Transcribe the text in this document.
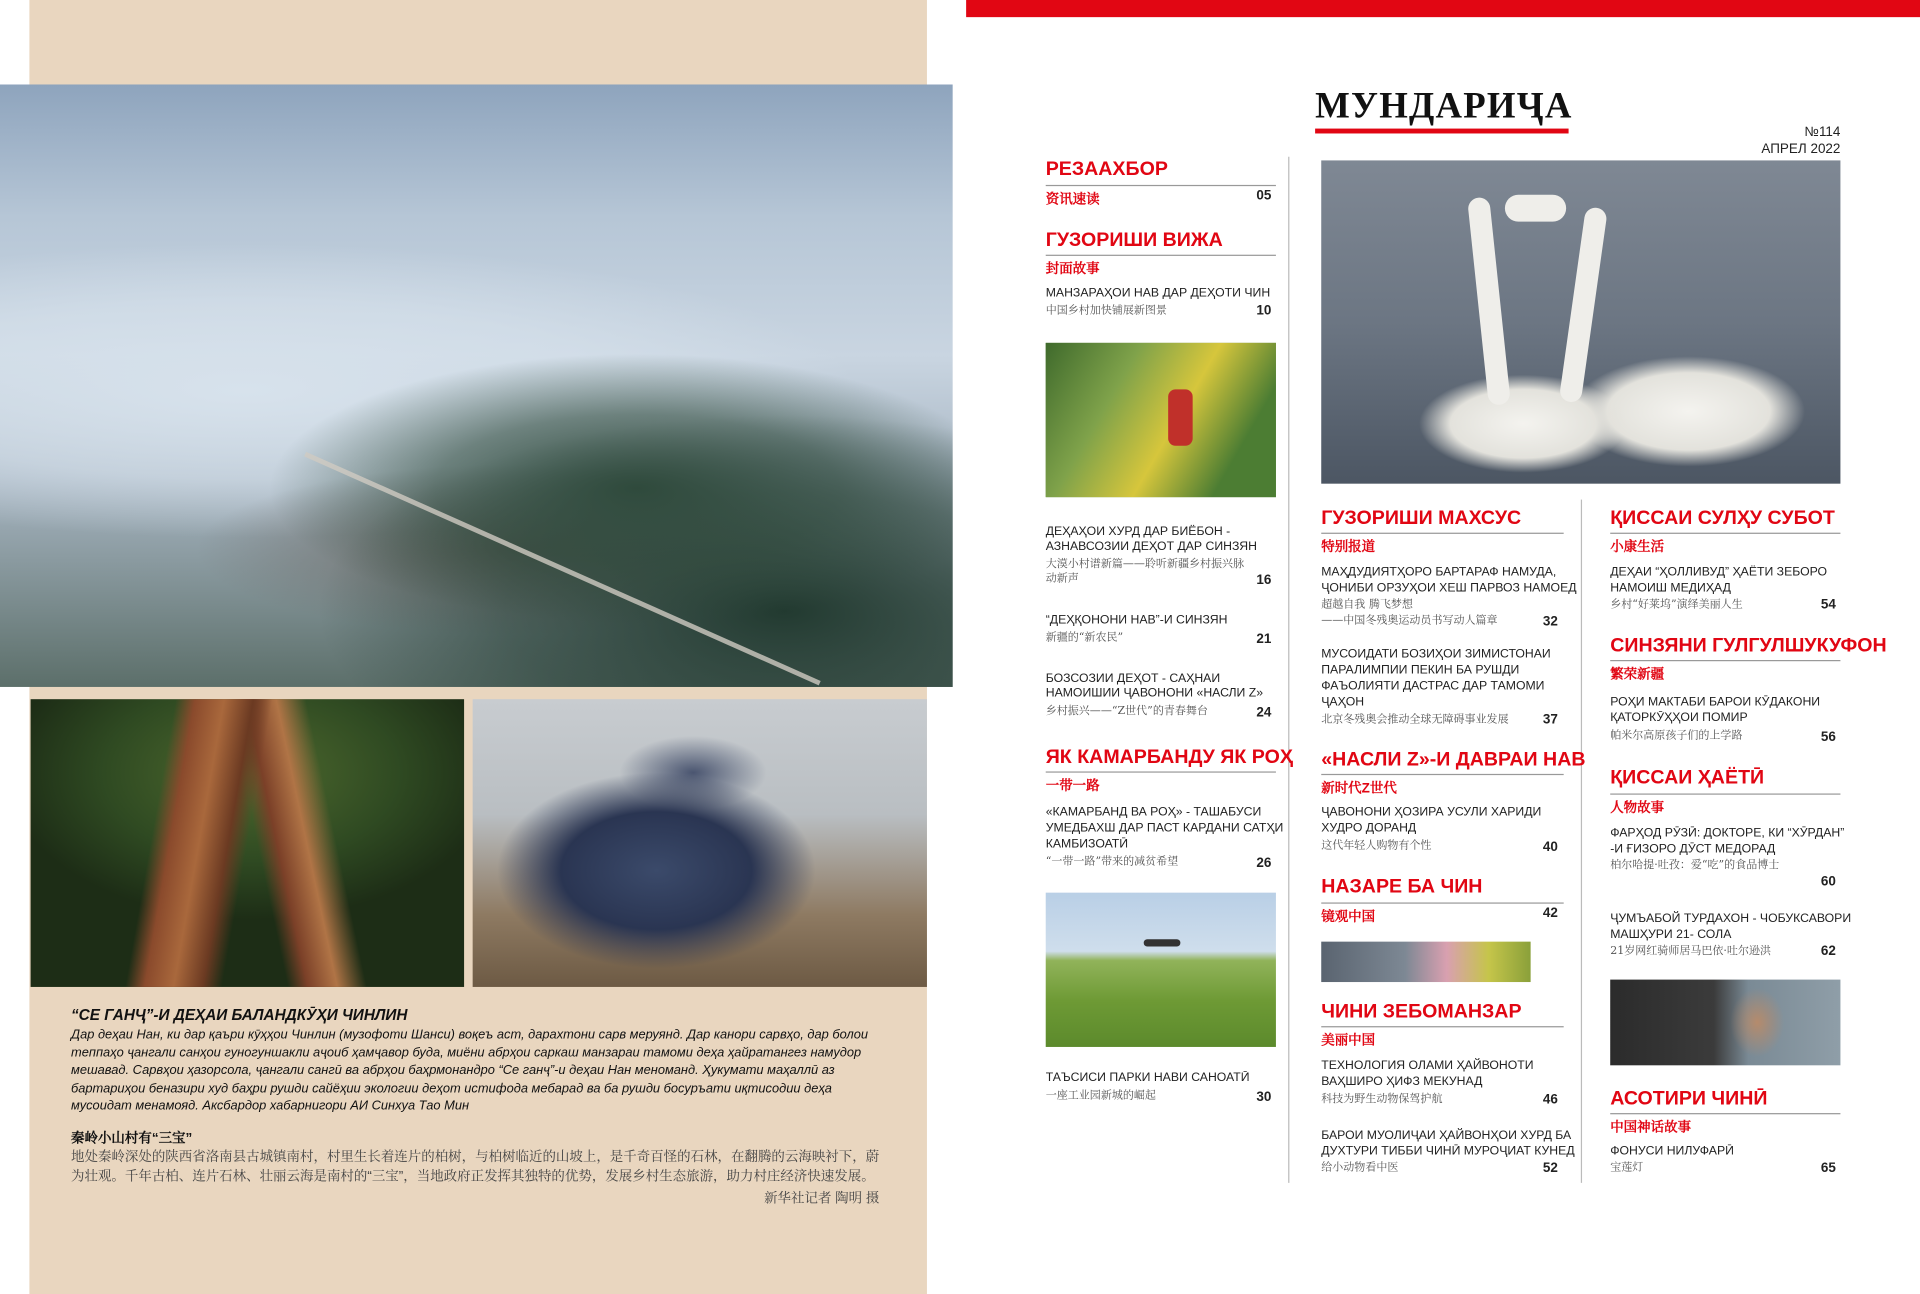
“СЕ ГАНҶ”-И ДЕҲАИ БАЛАНДКӮҲИ ЧИНЛИН
Дар деҳаи Нан, ки дар қаъри кӯҳҳои Чинлин (музофоти Шанси) воқеъ аст, дарахтони сарв меруянд. Дар канори сарвҳо, дар болои теппаҳо ҷангали санҳои гуногуншакли аҷоиб ҳамҷавор буда, миёни абрҳои саркаш манзараи тамоми деҳа ҳайратангез намудор мешавад. Сарвҳои ҳазорсола, ҷангали сангӣ ва абрҳои баҳрмонандро “Се ганҷ”-и деҳаи Нан меноманд. Ҳукумати маҳаллӣ аз бартариҳои беназири худ баҳри рушди сайёҳии экологии деҳот истифода мебарад ва ба рушди босуръати иқтисодии деҳа мусоидат менамояд. Аксбардор хабарнигори АИ Синхуа Тао Мин
秦岭小山村有“三宝”
地处秦岭深处的陕西省洛南县古城镇南村，村里生长着连片的柏树，与柏树临近的山坡上，是千奇百怪的石林，在翻腾的云海映衬下，蔚为壮观。千年古柏、连片石林、壮丽云海是南村的“三宝”，当地政府正发挥其独特的优势，发展乡村生态旅游，助力村庄经济快速发展。
新华社记者 陶明 摄
МУНДАРИҶА
№114
АПРЕЛ 2022
РЕЗААХБОР
资讯速读	05
ГУЗОРИШИ ВИЖА
封面故事
МАНЗАРАҲОИ НАВ ДАР ДЕҲОТИ ЧИН
中国乡村加快铺展新图景	10
ДЕҲАҲОИ ХУРД ДАР БИЁБОН -
АЗНАВСОЗИИ ДЕҲОТ ДАР СИНЗЯН
大漠小村谱新篇——聆听新疆乡村振兴脉
动新声	16
“ДЕҲҚОНОНИ НАВ”-И СИНЗЯН
新疆的“新农民”	21
БОЗСОЗИИ ДЕҲОТ - САҲНАИ
НАМОИШИИ ҶАВОНОНИ «НАСЛИ Z»
乡村振兴——“Z世代”的青春舞台	24
ЯК КАМАРБАНДУ ЯК РОҲ
一带一路
«КАМАРБАНД ВА РОҲ» - ТАШАБУСИ
УМЕДБАХШ ДАР ПАСТ КАРДАНИ САТҲИ
КАМБИЗОАТӢ
“一带一路”带来的减贫希望	26
ТАЪСИСИ ПАРКИ НАВИ САНОАТӢ
一座工业园新城的崛起	30
ГУЗОРИШИ МАХСУС
特别报道
МАҲДУДИЯТҲОРО БАРТАРАФ НАМУДА,
ҶОНИБИ ОРЗУҲОИ ХЕШ ПАРВОЗ НАМОЕД
超越自我 腾飞梦想
——中国冬残奥运动员书写动人篇章	32
МУСОИДАТИ БОЗИҲОИ ЗИМИСТОНАИ
ПАРАЛИМПИИ ПЕКИН БА РУШДИ
ФАЪОЛИЯТИ ДАСТРАС ДАР ТАМОМИ
ҶАҲОН
北京冬残奥会推动全球无障碍事业发展	37
«НАСЛИ Z»-И ДАВРАИ НАВ
新时代Z世代
ҶАВОНОНИ ҲОЗИРА УСУЛИ ХАРИДИ
ХУДРО ДОРАНД
这代年轻人购物有个性	40
НАЗАРЕ БА ЧИН
镜观中国	42
ЧИНИ ЗЕБОМАНЗАР
美丽中国
ТЕХНОЛОГИЯ ОЛАМИ ҲАЙВОНОТИ
ВАҲШИРО ҲИФЗ МЕКУНАД
科技为野生动物保驾护航	46
БАРОИ МУОЛИҶАИ ҲАЙВОНҲОИ ХУРД БА
ДУХТУРИ ТИББИ ЧИНӢ МУРОҶИАТ КУНЕД
给小动物看中医	52
ҚИССАИ СУЛҲУ СУБОТ
小康生活
ДЕҲАИ “ҲОЛЛИВУД” ҲАЁТИ ЗЕБОРО
НАМОИШ МЕДИҲАД
乡村“好莱坞”演绎美丽人生	54
СИНЗЯНИ ГУЛГУЛШУКУФОН
繁荣新疆
РОҲИ МАКТАБИ БАРОИ КӮДАКОНИ
ҚАТОРКӮҲҲОИ ПОМИР
帕米尔高原孩子们的上学路	56
ҚИССАИ ҲАЁТӢ
人物故事
ФАРҲОД РӮЗӢ: ДОКТОРЕ, КИ “ХӮРДАН”
-И ҒИЗОРО ДӮСТ МЕДОРАД
柏尔哈提·吐孜：爱“吃”的食品博士
60
ҶУМЪАБОЙ ТУРДАХОН - ЧОБУКСАВОРИ
МАШҲУРИ 21- СОЛА
21岁网红骑师居马巴依·吐尔逊洪	62
АСОТИРИ ЧИНӢ
中国神话故事
ФОНУСИ НИЛУФАРӢ
宝莲灯	65
